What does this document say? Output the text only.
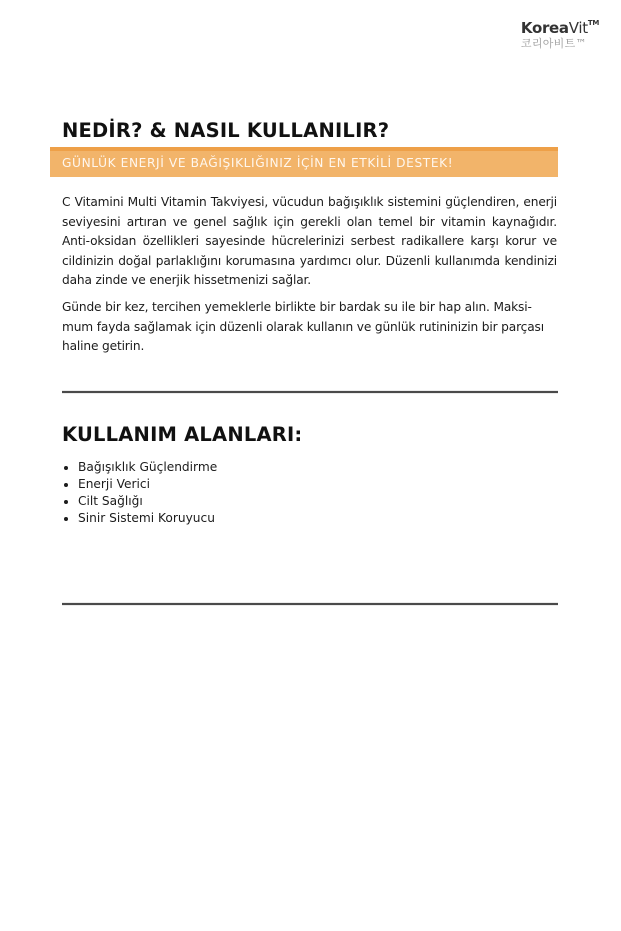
KoreaVit™
코리아비트™
NEDİR? & NASIL KULLANILIR?
GÜNLÜK ENERJİ VE BAĞIŞIKLIĞINIZ İÇİN EN ETKİLİ DESTEK!

C Vitamini Multi Vitamin Takviyesi, vücudun bağışıklık sistemini güçlendiren, enerji seviyesini artıran ve genel sağlık için gerekli olan temel bir vitamin kaynağıdır. Anti-oksidan özellikleri sayesinde hücrelerinizi serbest radikallere karşı korur ve cildinizin doğal parlaklığını korumasına yardımcı olur. Düzenli kullanımda kendinizi daha zinde ve enerjik hissetmenizi sağlar.

Günde bir kez, tercihen yemeklerle birlikte bir bardak su ile bir hap alın. Maksi-mum fayda sağlamak için düzenli olarak kullanın ve günlük rutininizin bir parçası haline getirin.

KULLANIM ALANLARI:
Bağışıklık Güçlendirme
Enerji Verici
Cilt Sağlığı
Sinir Sistemi Koruyucu
